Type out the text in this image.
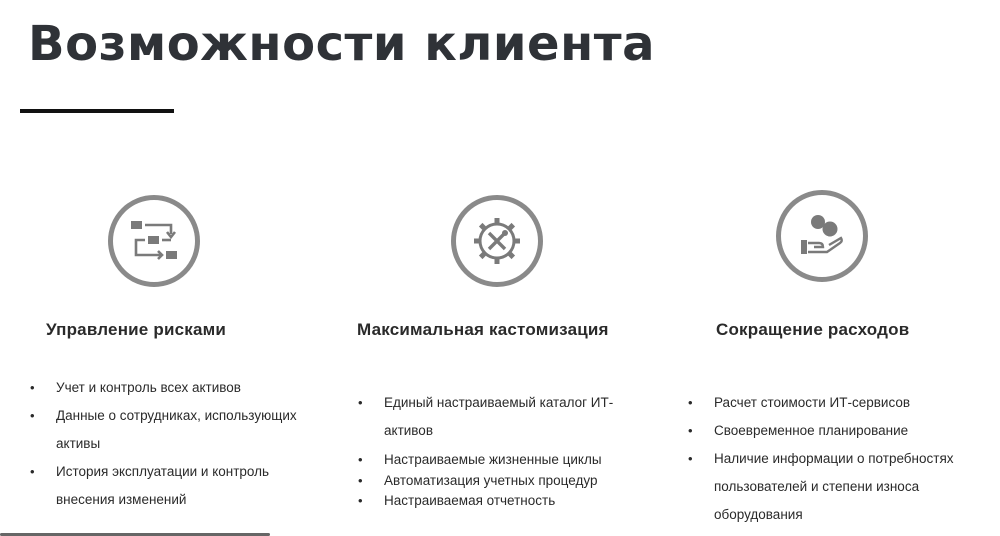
Возможности клиента
Управление рисками
• Учет и контроль всех активов
• Данные о сотрудниках, использующих активы
• История эксплуатации и контроль внесения изменений
Максимальная кастомизация
• Единый настраиваемый каталог ИТ-активов
• Настраиваемые жизненные циклы
• Автоматизация учетных процедур
• Настраиваемая отчетность
€ $
Сокращение расходов
• Расчет стоимости ИТ-сервисов
• Своевременное планирование
• Наличие информации о потребностях пользователей и степени износа оборудования
